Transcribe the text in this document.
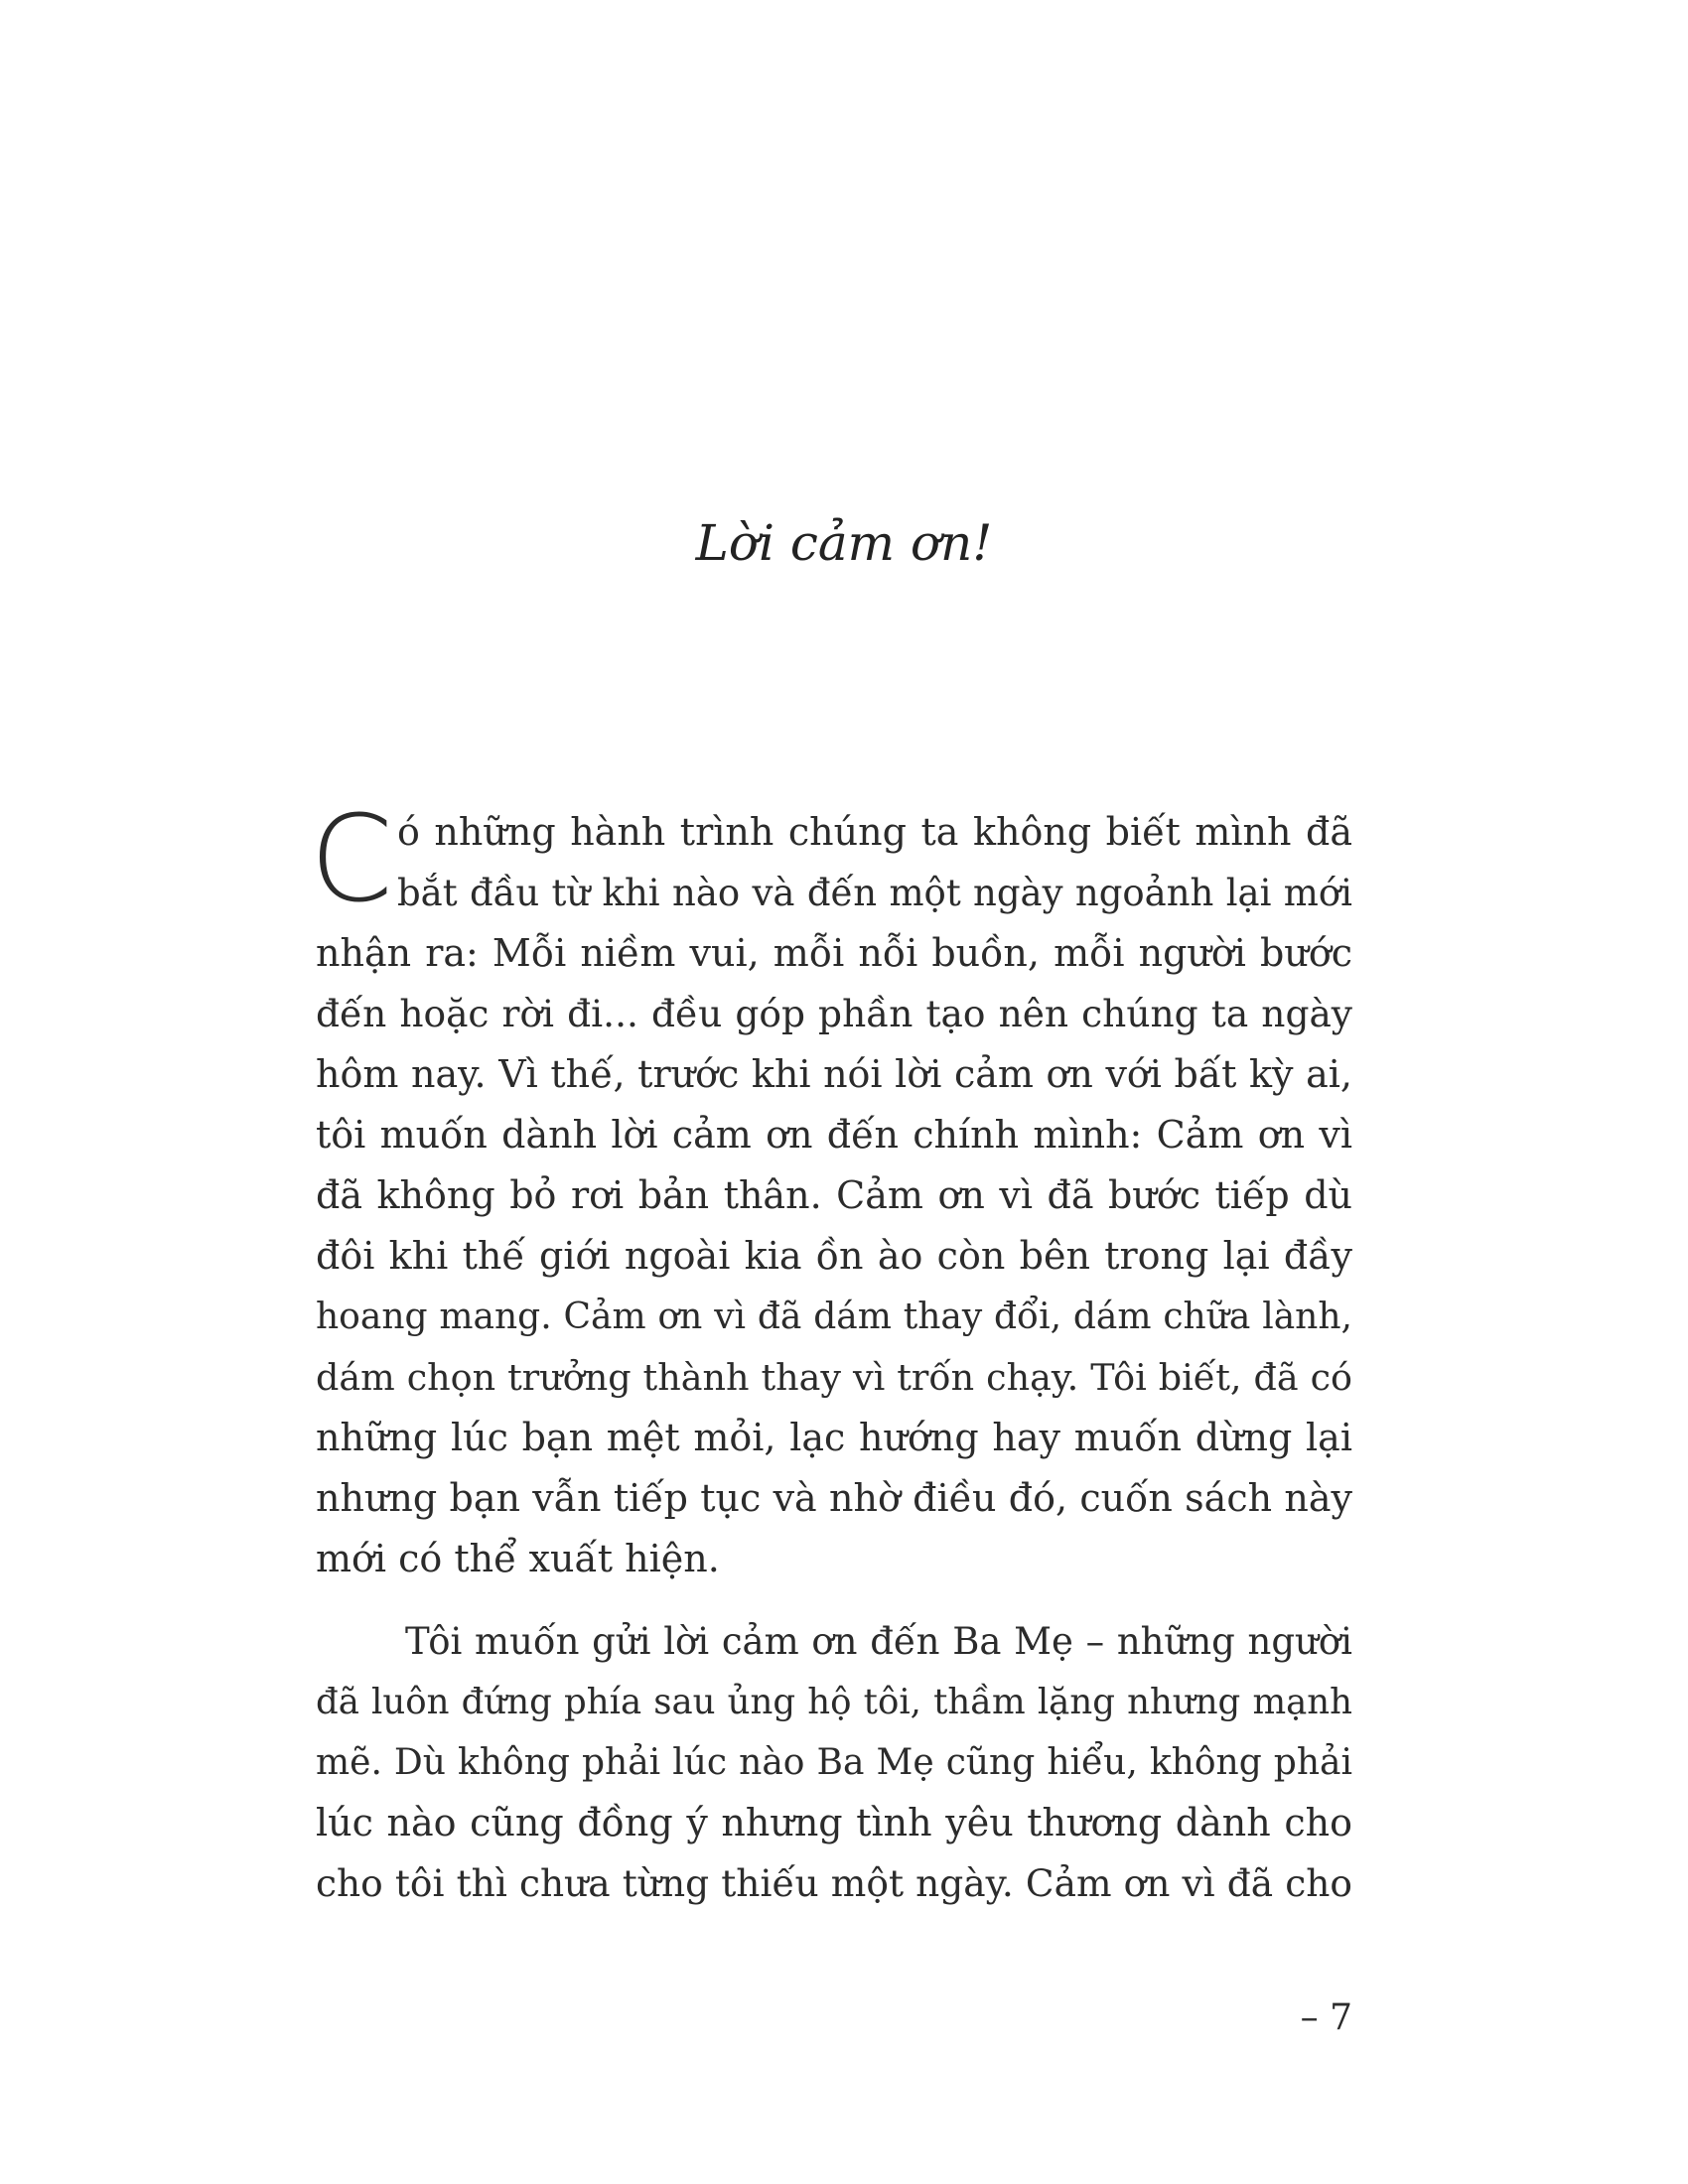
Lời cảm ơn!
C ó những hành trình chúng ta không biết mình đã
bắt đầu từ khi nào và đến một ngày ngoảnh lại mới
nhận ra: Mỗi niềm vui, mỗi nỗi buồn, mỗi người bước
đến hoặc rời đi... đều góp phần tạo nên chúng ta ngày
hôm nay. Vì thế, trước khi nói lời cảm ơn với bất kỳ ai,
tôi muốn dành lời cảm ơn đến chính mình: Cảm ơn vì
đã không bỏ rơi bản thân. Cảm ơn vì đã bước tiếp dù
đôi khi thế giới ngoài kia ồn ào còn bên trong lại đầy
hoang mang. Cảm ơn vì đã dám thay đổi, dám chữa lành,
dám chọn trưởng thành thay vì trốn chạy. Tôi biết, đã có
những lúc bạn mệt mỏi, lạc hướng hay muốn dừng lại
nhưng bạn vẫn tiếp tục và nhờ điều đó, cuốn sách này
mới có thể xuất hiện.
Tôi muốn gửi lời cảm ơn đến Ba Mẹ – những người
đã luôn đứng phía sau ủng hộ tôi, thầm lặng nhưng mạnh
mẽ. Dù không phải lúc nào Ba Mẹ cũng hiểu, không phải
lúc nào cũng đồng ý nhưng tình yêu thương dành cho
cho tôi thì chưa từng thiếu một ngày. Cảm ơn vì đã cho
– 7
